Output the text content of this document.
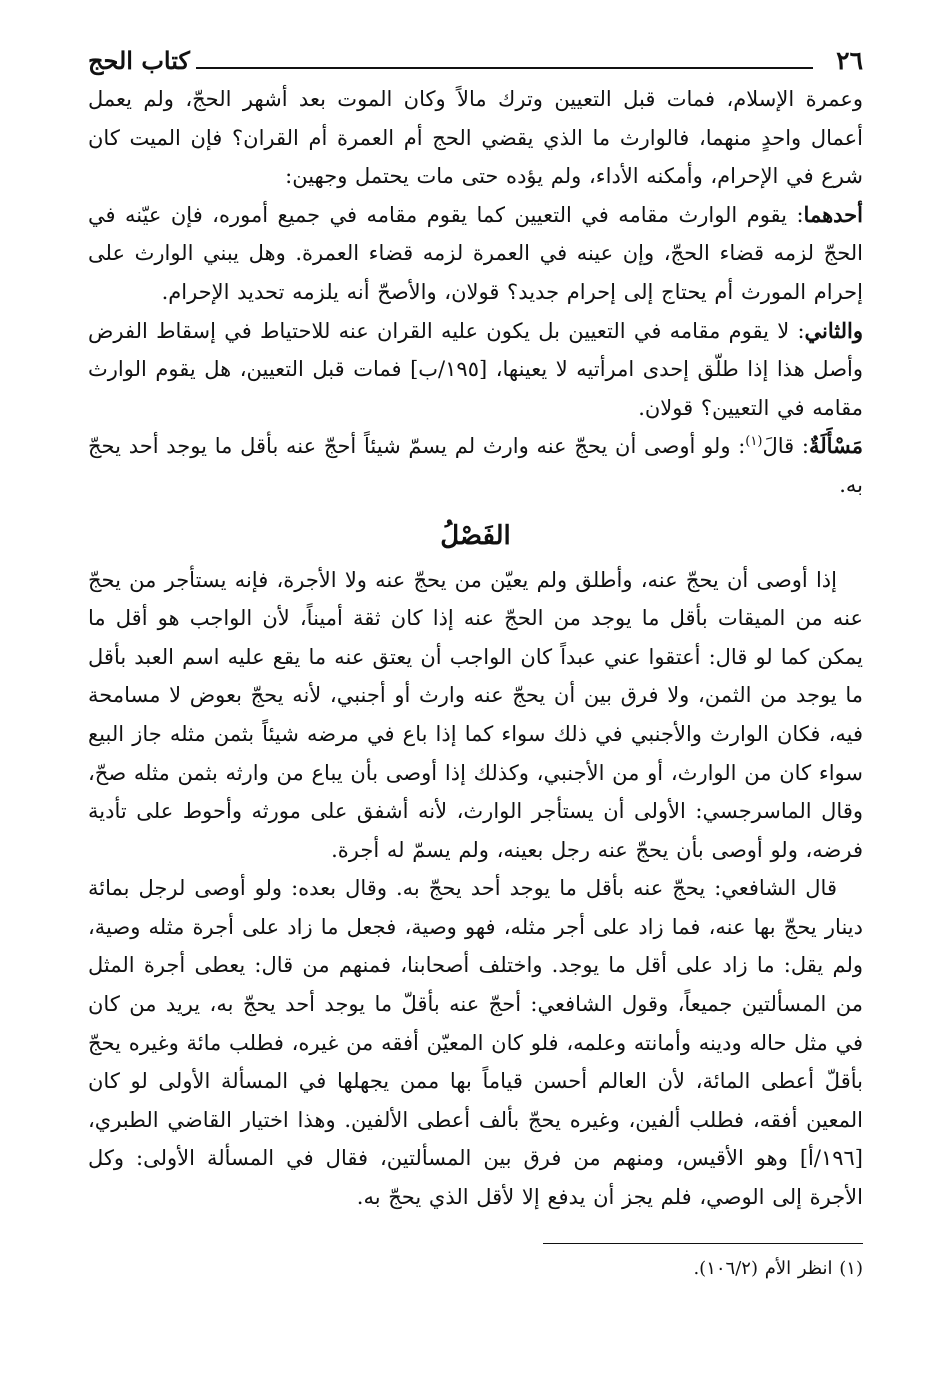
٢٦
كتاب الحج

وعمرة الإسلام، فمات قبل التعيين وترك مالاً وكان الموت بعد أشهر الحجّ، ولم يعمل أعمال واحدٍ منهما، فالوارث ما الذي يقضي الحج أم العمرة أم القران؟ فإن الميت كان شرع في الإحرام، وأمكنه الأداء، ولم يؤده حتى مات يحتمل وجهين:

أحدهما: يقوم الوارث مقامه في التعيين كما يقوم مقامه في جميع أموره، فإن عيّنه في الحجّ لزمه قضاء الحجّ، وإن عينه في العمرة لزمه قضاء العمرة. وهل يبني الوارث على إحرام المورث أم يحتاج إلى إحرام جديد؟ قولان، والأصحّ أنه يلزمه تحديد الإحرام.

والثاني: لا يقوم مقامه في التعيين بل يكون عليه القران عنه للاحتياط في إسقاط الفرض وأصل هذا إذا طلّق إحدى امرأتيه لا يعينها، [١٩٥/ب] فمات قبل التعيين، هل يقوم الوارث مقامه في التعيين؟ قولان.

مَسْأَلَةٌ: قالَ$^{(١)}$: ولو أوصى أن يحجّ عنه وارث لم يسمّ شيئاً أحجّ عنه بأقل ما يوجد أحد يحجّ به.

الفَصْلُ

إذا أوصى أن يحجّ عنه، وأطلق ولم يعيّن من يحجّ عنه ولا الأجرة، فإنه يستأجر من يحجّ عنه من الميقات بأقل ما يوجد من الحجّ عنه إذا كان ثقة أميناً، لأن الواجب هو أقل ما يمكن كما لو قال: أعتقوا عني عبداً كان الواجب أن يعتق عنه ما يقع عليه اسم العبد بأقل ما يوجد من الثمن، ولا فرق بين أن يحجّ عنه وارث أو أجنبي، لأنه يحجّ بعوض لا مسامحة فيه، فكان الوارث والأجنبي في ذلك سواء كما إذا باع في مرضه شيئاً بثمن مثله جاز البيع سواء كان من الوارث، أو من الأجنبي، وكذلك إذا أوصى بأن يباع من وارثه بثمن مثله صحّ، وقال الماسرجسي: الأولى أن يستأجر الوارث، لأنه أشفق على مورثه وأحوط على تأدية فرضه، ولو أوصى بأن يحجّ عنه رجل بعينه، ولم يسمّ له أجرة.

قال الشافعي: يحجّ عنه بأقل ما يوجد أحد يحجّ به. وقال بعده: ولو أوصى لرجل بمائة دينار يحجّ بها عنه، فما زاد على أجر مثله، فهو وصية، فجعل ما زاد على أجرة مثله وصية، ولم يقل: ما زاد على أقل ما يوجد. واختلف أصحابنا، فمنهم من قال: يعطى أجرة المثل من المسألتين جميعاً، وقول الشافعي: أحجّ عنه بأقلّ ما يوجد أحد يحجّ به، يريد من كان في مثل حاله ودينه وأمانته وعلمه، فلو كان المعيّن أفقه من غيره، فطلب مائة وغيره يحجّ بأقلّ أعطى المائة، لأن العالم أحسن قياماً بها ممن يجهلها في المسألة الأولى لو كان المعين أفقه، فطلب ألفين، وغيره يحجّ بألف أعطى الألفين. وهذا اختيار القاضي الطبري، [١٩٦/أ] وهو الأقيس، ومنهم من فرق بين المسألتين، فقال في المسألة الأولى: وكل الأجرة إلى الوصي، فلم يجز أن يدفع إلا لأقل الذي يحجّ به.

(١) انظر الأم (١٠٦/٢).
